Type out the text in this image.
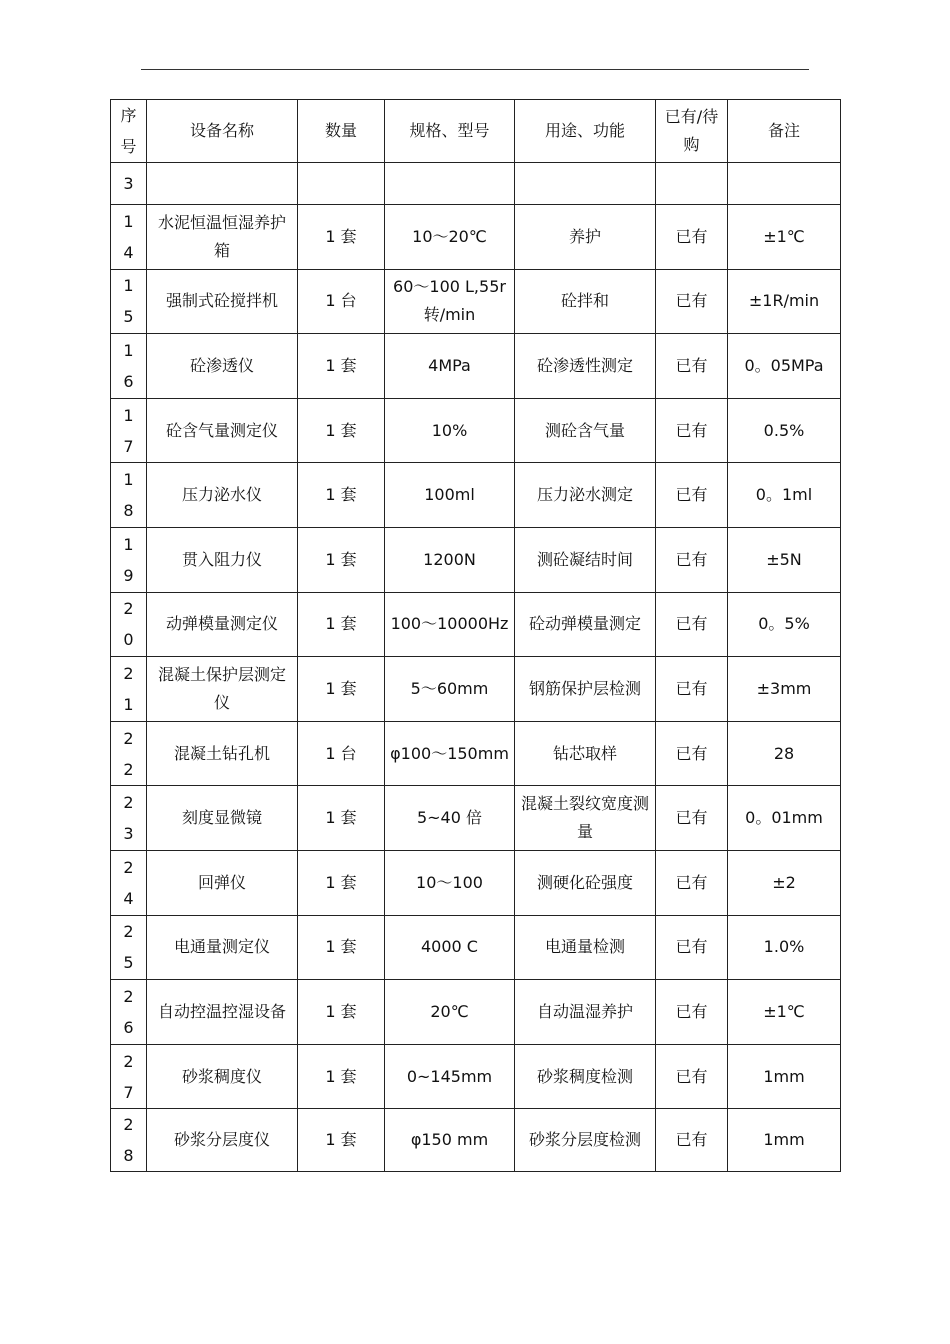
序号	设备名称	数量	规格、型号	用途、功能	已有/待购	备注

3						

14	水泥恒温恒湿养护箱	1 套	10～20℃	养护	已有	±1℃

15	强制式砼搅拌机	1 台	60～100 L,55r 转/min	砼拌和	已有	±1R/min

16	砼渗透仪	1 套	4MPa	砼渗透性测定	已有	0。05MPa

17	砼含气量测定仪	1 套	10%	测砼含气量	已有	0.5%

18	压力泌水仪	1 套	100ml	压力泌水测定	已有	0。1ml

19	贯入阻力仪	1 套	1200N	测砼凝结时间	已有	±5N

20	动弹模量测定仪	1 套	100～10000Hz	砼动弹模量测定	已有	0。5%

21	混凝土保护层测定仪	1 套	5～60mm	钢筋保护层检测	已有	±3mm

22	混凝土钻孔机	1 台	φ100～150mm	钻芯取样	已有	28

23	刻度显微镜	1 套	5~40 倍	混凝土裂纹宽度测量	已有	0。01mm

24	回弹仪	1 套	10～100	测硬化砼强度	已有	±2

25	电通量测定仪	1 套	4000 C	电通量检测	已有	1.0%

26	自动控温控湿设备	1 套	20℃	自动温湿养护	已有	±1℃

27	砂浆稠度仪	1 套	0~145mm	砂浆稠度检测	已有	1mm

28	砂浆分层度仪	1 套	φ150 mm	砂浆分层度检测	已有	1mm
